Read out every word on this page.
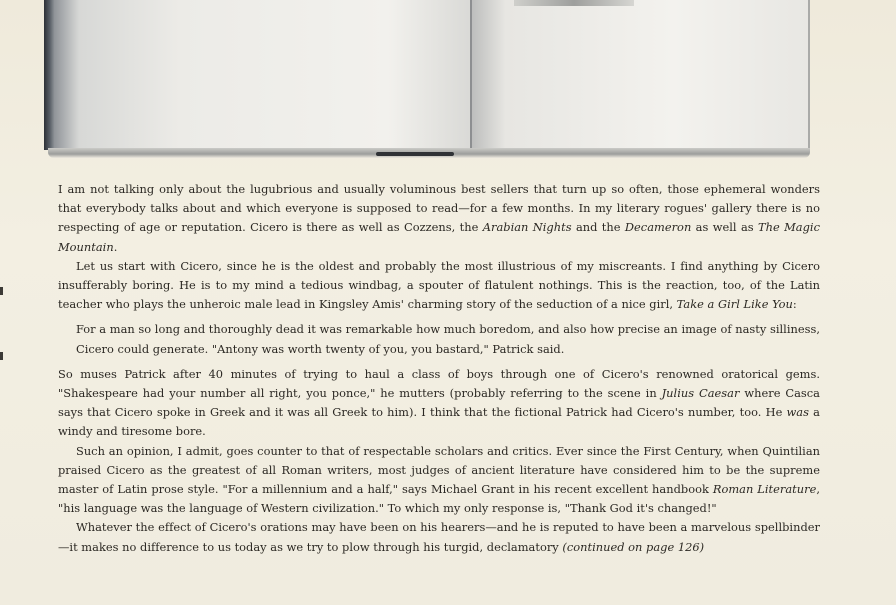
I am not talking only about the lugubrious and usually voluminous best sellers that turn up so often, those ephemeral wonders that everybody talks about and which everyone is supposed to read—for a few months. In my literary rogues' gallery there is no respecting of age or reputation. Cicero is there as well as Cozzens, the Arabian Nights and the Decameron as well as The Magic Mountain.

Let us start with Cicero, since he is the oldest and probably the most illustrious of my miscreants. I find anything by Cicero insufferably boring. He is to my mind a tedious windbag, a spouter of flatulent nothings. This is the reaction, too, of the Latin teacher who plays the unheroic male lead in Kingsley Amis' charming story of the seduction of a nice girl, Take a Girl Like You:

For a man so long and thoroughly dead it was remarkable how much boredom, and also how precise an image of nasty silliness, Cicero could generate. "Antony was worth twenty of you, you bastard," Patrick said.

So muses Patrick after 40 minutes of trying to haul a class of boys through one of Cicero's renowned oratorical gems. "Shakespeare had your number all right, you ponce," he mutters (probably referring to the scene in Julius Caesar where Casca says that Cicero spoke in Greek and it was all Greek to him). I think that the fictional Patrick had Cicero's number, too. He was a windy and tiresome bore.

Such an opinion, I admit, goes counter to that of respectable scholars and critics. Ever since the First Century, when Quintilian praised Cicero as the greatest of all Roman writers, most judges of ancient literature have considered him to be the supreme master of Latin prose style. "For a millennium and a half," says Michael Grant in his recent excellent handbook Roman Literature, "his language was the language of Western civilization." To which my only response is, "Thank God it's changed!"

Whatever the effect of Cicero's orations may have been on his hearers—and he is reputed to have been a marvelous spellbinder—it makes no difference to us today as we try to plow through his turgid, declamatory (continued on page 126)
